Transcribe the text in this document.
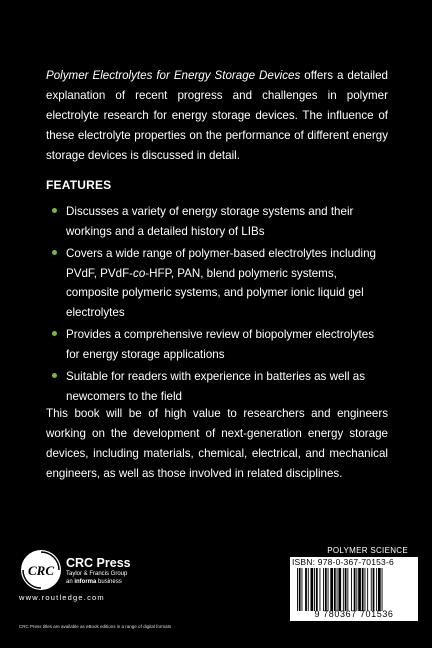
Polymer Electrolytes for Energy Storage Devices offers a detailed explanation of recent progress and challenges in polymer electrolyte research for energy storage devices. The influence of these electrolyte properties on the performance of different energy storage devices is discussed in detail.

FEATURES
Discusses a variety of energy storage systems and their workings and a detailed history of LIBs
Covers a wide range of polymer-based electrolytes including PVdF, PVdF-co-HFP, PAN, blend polymeric systems, composite polymeric systems, and polymer ionic liquid gel electrolytes
Provides a comprehensive review of biopolymer electrolytes for energy storage applications
Suitable for readers with experience in batteries as well as newcomers to the field

This book will be of high value to researchers and engineers working on the development of next-generation energy storage devices, including materials, chemical, electrical, and mechanical engineers, as well as those involved in related disciplines.

CRC CRC Press
Taylor & Francis Group
an informa business
www.routledge.com
CRC Press titles are available as eBook editions in a range of digital formats
POLYMER SCIENCE
ISBN: 978-0-367-70153-6
9 780367 701536
